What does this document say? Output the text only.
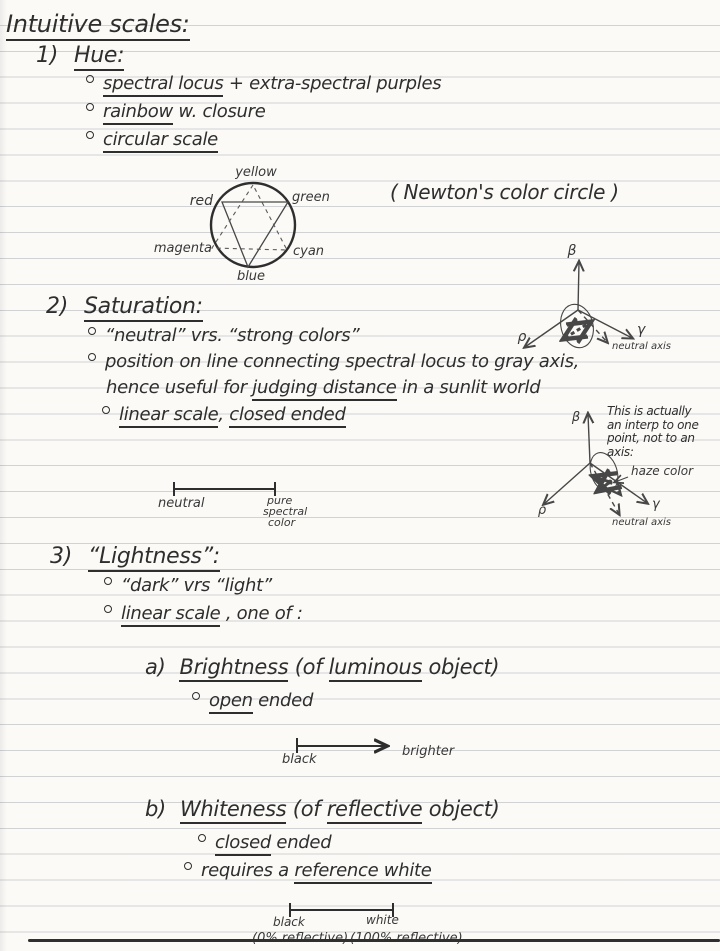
Intuitive scales:
1) Hue:
spectral locus + extra-spectral purples
rainbow w. closure
circular scale
yellow
red	green
magenta	cyan
blue
( Newton's color circle )
β
ρ	γ
neutral axis
2) Saturation:
“neutral” vrs. “strong colors”
position on line connecting spectral locus to gray axis,
hence useful for judging distance in a sunlit world
linear scale, closed ended	This is actually
an interp to one
point, not to an
axis:
β
ρ	γ
haze color
neutral axis
neutral	pure
spectral
color
3) “Lightness”:
“dark” vrs “light”
linear scale , one of :
a) Brightness (of luminous object)
open ended
black
brighter
b) Whiteness (of reflective object)
closed ended
requires a reference white
black	white
